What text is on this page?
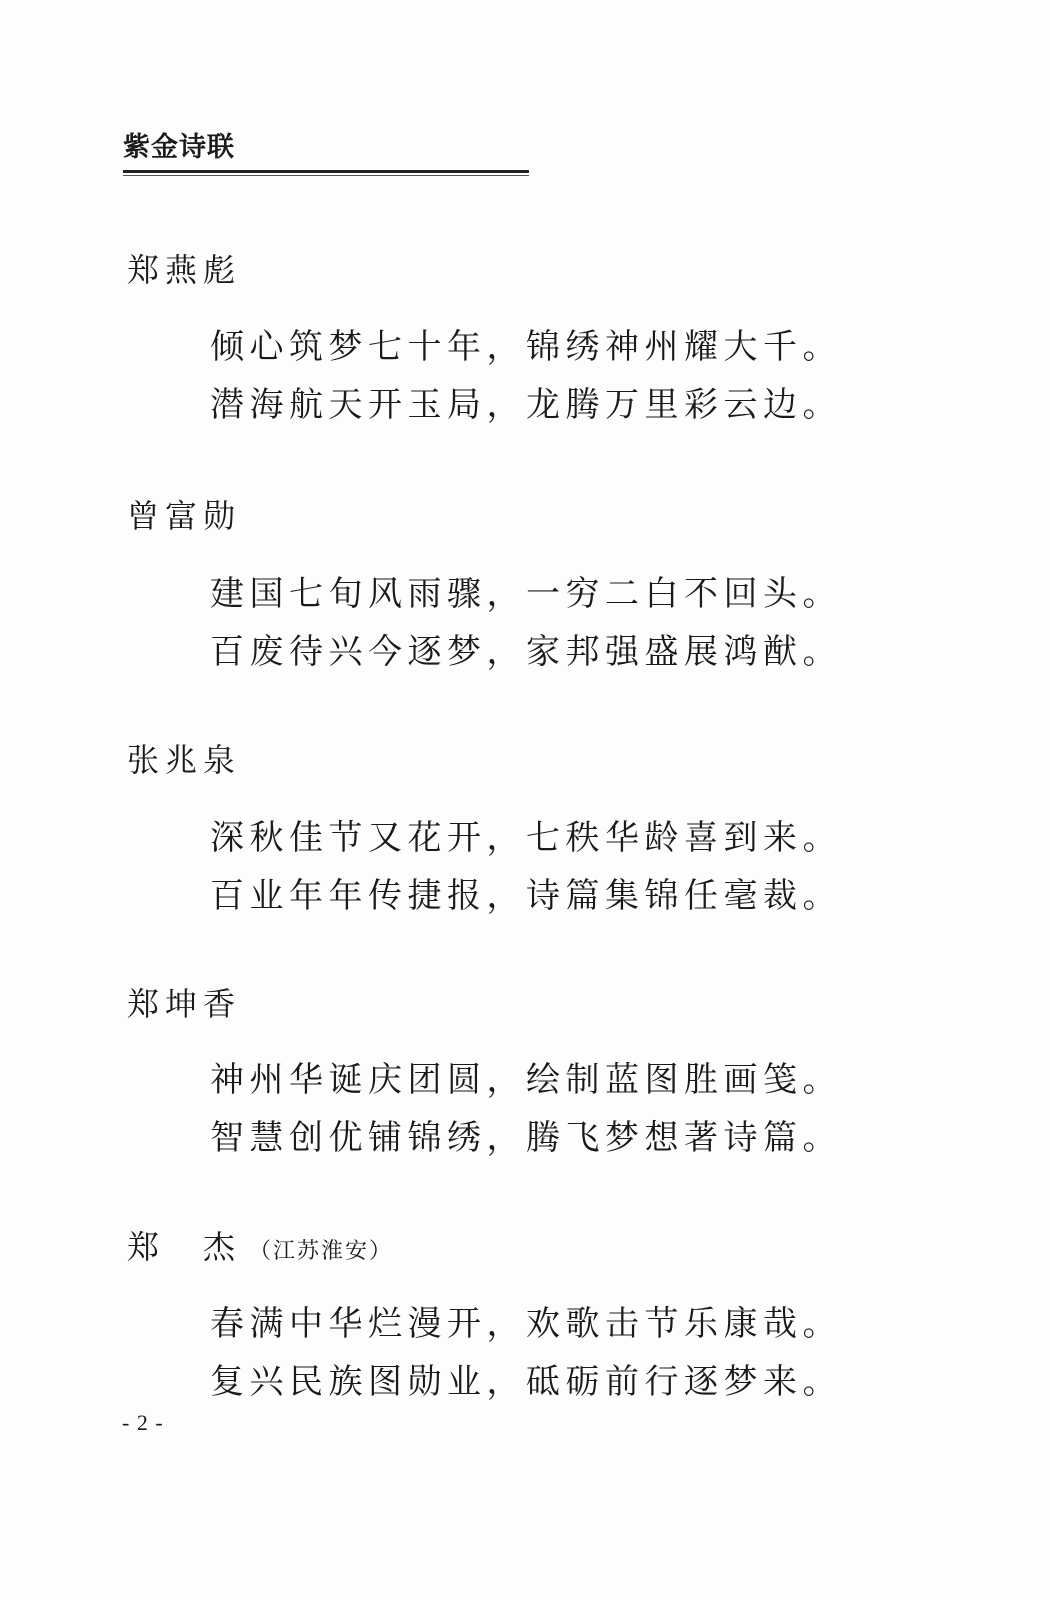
紫金诗联
郑燕彪
倾心筑梦七十年，锦绣神州耀大千。
潜海航天开玉局，龙腾万里彩云边。
曾富勋
建国七旬风雨骤，一穷二白不回头。
百废待兴今逐梦，家邦强盛展鸿猷。
张兆泉
深秋佳节又花开，七秩华龄喜到来。
百业年年传捷报，诗篇集锦任毫裁。
郑坤香
神州华诞庆团圆，绘制蓝图胜画笺。
智慧创优铺锦绣，腾飞梦想著诗篇。
郑　杰 （江苏淮安）
春满中华烂漫开，欢歌击节乐康哉。
复兴民族图勋业，砥砺前行逐梦来。
- 2 -
